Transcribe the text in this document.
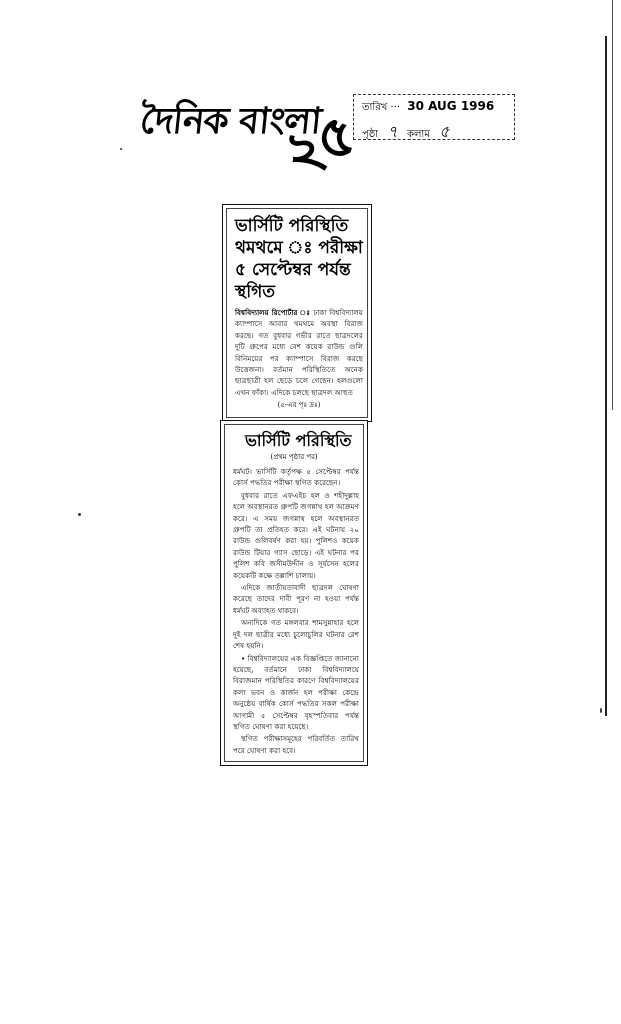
দৈনিক বাংলা
২৫ তারিখ ··· 30 AUG 1996
পৃষ্ঠা ৭ কলাম ৫
ভার্সিটি পরিস্থিতি থমথমে ঃ পরীক্ষা ৫ সেপ্টেম্বর পর্যন্ত স্থগিত

বিশ্ববিদ্যালয় রিপোর্টার ঃ ঢাকা বিশ্ববিদ্যালয় ক্যাম্পাসে আবার থমথমে অবস্থা বিরাজ করছে। গত বুধবার গভীর রাতে ছাত্রদলের দুটি গ্রুপের মধ্যে বেশ কয়েক রাউন্ড গুলি বিনিময়ের পর ক্যাম্পাসে বিরাজ করছে উত্তেজনা। বর্তমান পরিস্থিতিতে অনেক ছাত্রছাত্রী হল ছেড়ে চলে গেছেন। হলগুলো এখন ফাঁকা। এদিকে চলছে ছাত্রদল আহুত

(৫-এর পৃঃ দ্রঃ)
ভার্সিটি পরিস্থিতি
(প্রথম পৃষ্ঠার পর)

ধর্মঘট। ভার্সিটি কর্তৃপক্ষ ৫ সেপ্টেম্বর পর্যন্ত কোর্স পদ্ধতির পরীক্ষা স্থগিত করেছেন।

বুধবার রাতে এফএইচ হল ও শহীদুল্লাহ হলে অবস্থানরত গ্রুপটি জগন্নাথ হল আক্রমণ করে। এ সময় জগন্নাথ হলে অবস্থানরত গ্রুপটি তা প্রতিহত করে। এই ঘটনায় ২০ রাউন্ড গুলিবর্ষণ করা হয়। পুলিশও কয়েক রাউন্ড টিয়ার গ্যাস ছোড়ে। এই ঘটনার পর পুলিশ কবি জসীমউদ্দীন ও সূর্যসেন হলের কয়েকটি কক্ষে তল্লাশি চালায়।

এদিকে জাতীয়তাবাদী ছাত্রদল ঘোষণা করেছে তাদের দাবী পূরণ না হওয়া পর্যন্ত ধর্মঘট অব্যাহত থাকবে।

অন্যদিকে গত মঙ্গলবার শামসুন্নাহার হলে দুই দল ছাত্রীর মধ্যে চুলোচুলির ঘটনার রেশ শেষ হয়নি।

• বিশ্ববিদ্যালয়ের এক বিজ্ঞপ্তিতে জানানো হয়েছে, বর্তমানে ঢাকা বিশ্ববিদ্যালয়ে বিরাজমান পরিস্থিতির কারণে বিশ্ববিদ্যালয়ের কলা ভবন ও কার্জন হল পরীক্ষা কেন্দ্রে অনুষ্ঠেয় বার্ষিক কোর্স পদ্ধতির সকল পরীক্ষা আগামী ৫ সেপ্টেম্বর বৃহস্পতিবার পর্যন্ত স্থগিত ঘোষণা করা হয়েছে।

স্থগিত পরীক্ষাসমূহের পরিবর্তিত তারিখ পরে ঘোষণা করা হবে।
